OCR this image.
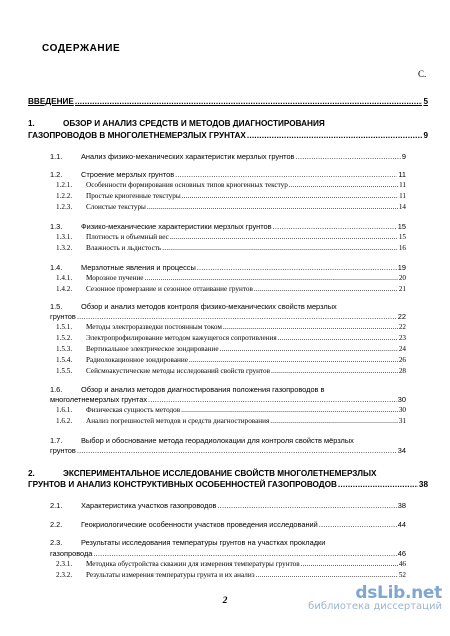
СОДЕРЖАНИЕ
С.
ВВЕДЕНИЕ .....	5
1.	ОБЗОР И АНАЛИЗ СРЕДСТВ И МЕТОДОВ ДИАГНОСТИРОВАНИЯ
ГАЗОПРОВОДОВ В МНОГОЛЕТНЕМЕРЗЛЫХ ГРУНТАХ .....	9
1.1.	Анализ физико-механических характеристик мерзлых грунтов .....	9
1.2.	Строение мерзлых грунтов .....	11
1.2.1. Особенности формирования основных типов криогенных текстур .....	11
1.2.2. Простые криогенные текстуры .....	11
1.2.3. Слоистые текстуры .....	14
1.3.	Физико-механические характеристики мерзлых грунтов .....	15
1.3.1. Плотность и объемный вес .....	15
1.3.2. Влажность и льдистость .....	16
1.4.	Мерзлотные явления и процессы .....	19
1.4.1. Морозное пучение .....	20
1.4.2. Сезонное промерзание и сезонное оттаивание грунтов .....	21
1.5.	Обзор и анализ методов контроля физико-механических свойств мерзлых
грунтов .....	22
1.5.1. Методы электроразведки постоянным током .....	22
1.5.2. Электропрофилирование методом кажущегося сопротивления .....	23
1.5.3. Вертикальное электрическое зондирование .....	24
1.5.4. Радиолокационное зондирование .....	26
1.5.5. Сейсмоакустические методы исследований свойств грунтов .....	28
1.6.	Обзор и анализ методов диагностирования положения газопроводов в
многолетнемерзлых грунтах .....	30
1.6.1. Физическая сущность методов .....	30
1.6.2. Анализ погрешностей методов и средств диагностирования .....	31
1.7.	Выбор и обоснование метода георадиолокации для контроля свойств мёрзлых
грунтов .....	34
2.	ЭКСПЕРИМЕНТАЛЬНОЕ ИССЛЕДОВАНИЕ СВОЙСТВ МНОГОЛЕТНЕМЕРЗЛЫХ
ГРУНТОВ И АНАЛИЗ КОНСТРУКТИВНЫХ ОСОБЕННОСТЕЙ ГАЗОПРОВОДОВ .....	38
2.1.	Характеристика участков газопроводов .....	38
2.2.	Геокриологические особенности участков проведения исследований .....	44
2.3.	Результаты исследования температуры грунтов на участках прокладки
газопровода .....	46
2.3.1. Методика обустройства скважин для измерения температуры грунтов .....	46
2.3.2. Результаты измерения температуры грунта и их анализ .....	52
2	dsLib.net
библиотека диссертаций
